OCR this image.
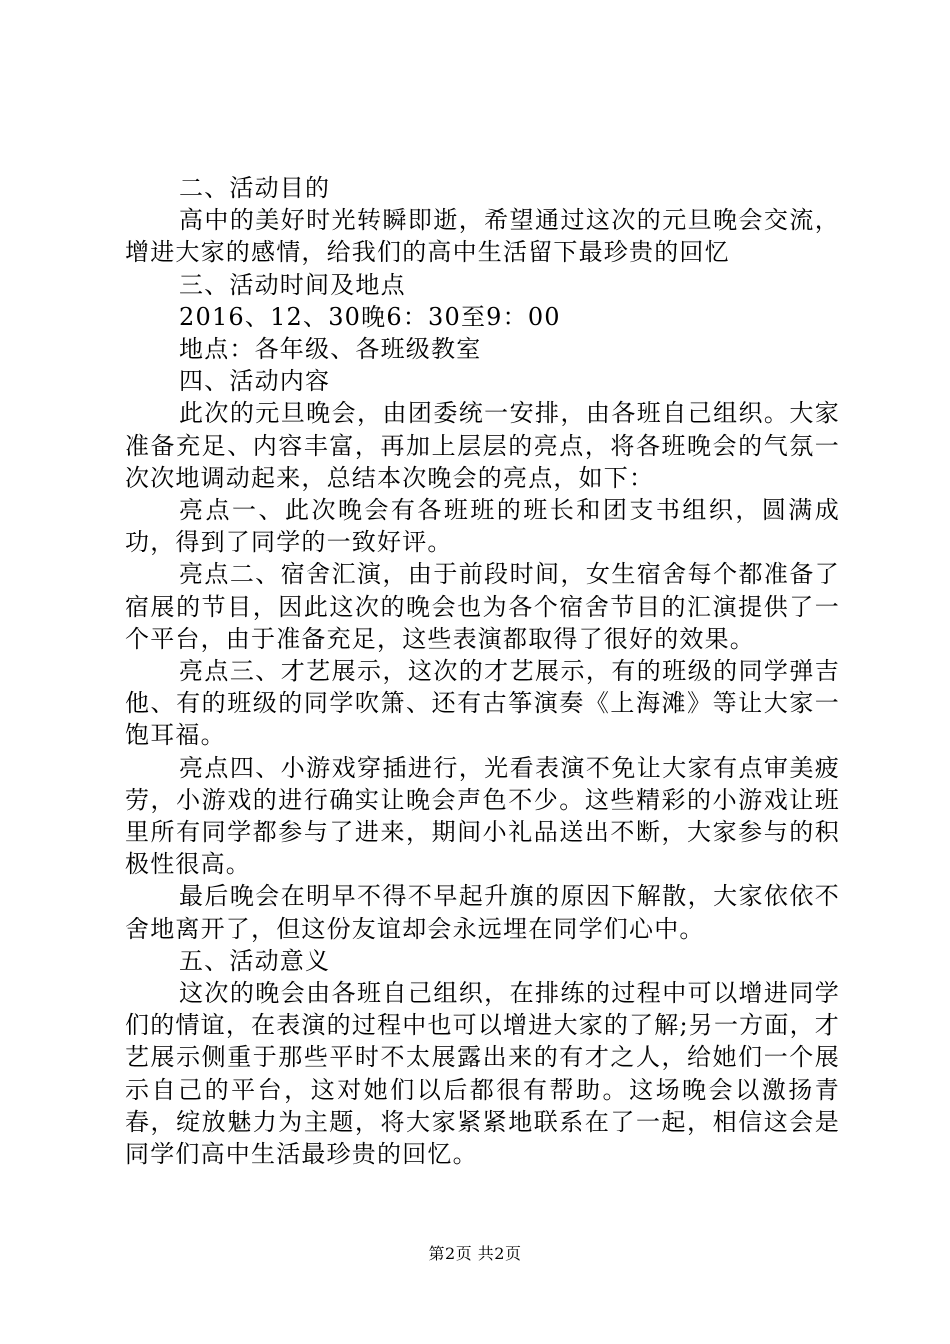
二、活动目的

高中的美好时光转瞬即逝，希望通过这次的元旦晚会交流，增进大家的感情，给我们的高中生活留下最珍贵的回忆

三、活动时间及地点

2016、12、30晚6：30至9：00

地点：各年级、各班级教室

四、活动内容

此次的元旦晚会，由团委统一安排，由各班自己组织。大家准备充足、内容丰富，再加上层层的亮点，将各班晚会的气氛一次次地调动起来，总结本次晚会的亮点，如下：

亮点一、此次晚会有各班班的班长和团支书组织，圆满成功，得到了同学的一致好评。

亮点二、宿舍汇演，由于前段时间，女生宿舍每个都准备了宿展的节目，因此这次的晚会也为各个宿舍节目的汇演提供了一个平台，由于准备充足，这些表演都取得了很好的效果。

亮点三、才艺展示，这次的才艺展示，有的班级的同学弹吉他、有的班级的同学吹箫、还有古筝演奏《上海滩》等让大家一饱耳福。

亮点四、小游戏穿插进行，光看表演不免让大家有点审美疲劳，小游戏的进行确实让晚会声色不少。这些精彩的小游戏让班里所有同学都参与了进来，期间小礼品送出不断，大家参与的积极性很高。

最后晚会在明早不得不早起升旗的原因下解散，大家依依不舍地离开了，但这份友谊却会永远埋在同学们心中。

五、活动意义

这次的晚会由各班自己组织，在排练的过程中可以增进同学们的情谊，在表演的过程中也可以增进大家的了解;另一方面，才艺展示侧重于那些平时不太展露出来的有才之人，给她们一个展示自己的平台，这对她们以后都很有帮助。这场晚会以激扬青春，绽放魅力为主题，将大家紧紧地联系在了一起，相信这会是同学们高中生活最珍贵的回忆。

第2页 共2页
